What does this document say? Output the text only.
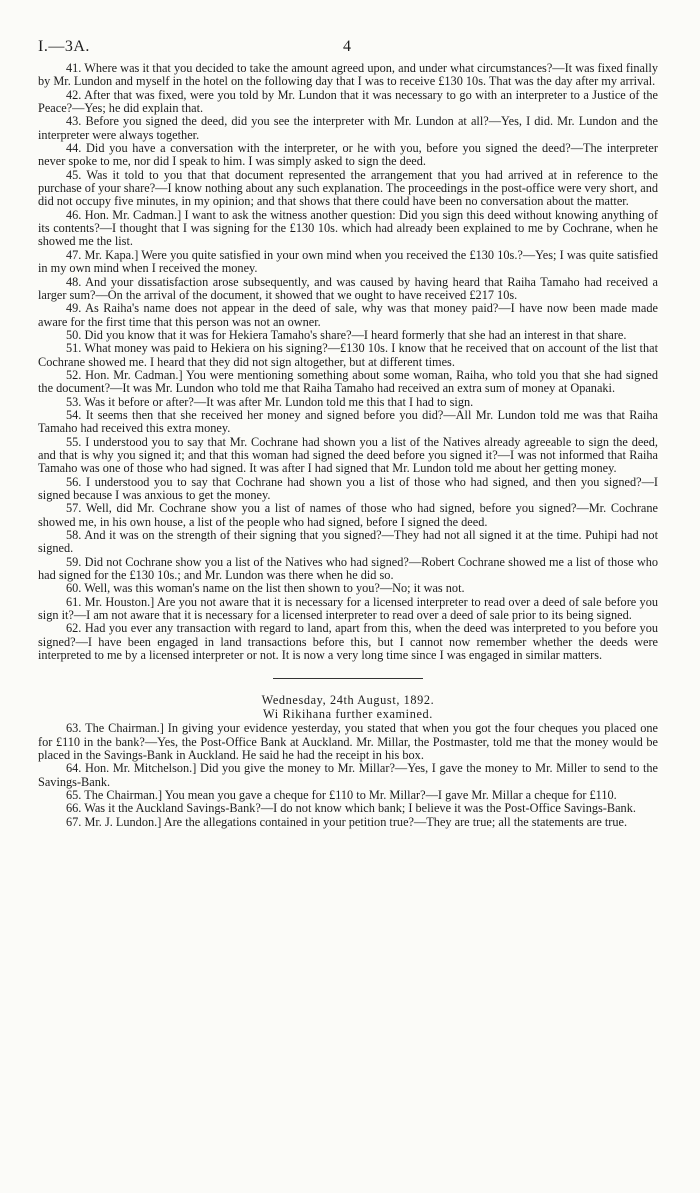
I.—3A.	4

41. Where was it that you decided to take the amount agreed upon, and under what circumstances?—It was fixed finally by Mr. Lundon and myself in the hotel on the following day that I was to receive £130 10s. That was the day after my arrival.

42. After that was fixed, were you told by Mr. Lundon that it was necessary to go with an interpreter to a Justice of the Peace?—Yes; he did explain that.

43. Before you signed the deed, did you see the interpreter with Mr. Lundon at all?—Yes, I did. Mr. Lundon and the interpreter were always together.

44. Did you have a conversation with the interpreter, or he with you, before you signed the deed?—The interpreter never spoke to me, nor did I speak to him. I was simply asked to sign the deed.

45. Was it told to you that that document represented the arrangement that you had arrived at in reference to the purchase of your share?—I know nothing about any such explanation. The proceedings in the post-office were very short, and did not occupy five minutes, in my opinion; and that shows that there could have been no conversation about the matter.

46. Hon. Mr. Cadman.] I want to ask the witness another question: Did you sign this deed without knowing anything of its contents?—I thought that I was signing for the £130 10s. which had already been explained to me by Cochrane, when he showed me the list.

47. Mr. Kapa.] Were you quite satisfied in your own mind when you received the £130 10s.?—Yes; I was quite satisfied in my own mind when I received the money.

48. And your dissatisfaction arose subsequently, and was caused by having heard that Raiha Tamaho had received a larger sum?—On the arrival of the document, it showed that we ought to have received £217 10s.

49. As Raiha's name does not appear in the deed of sale, why was that money paid?—I have now been made made aware for the first time that this person was not an owner.

50. Did you know that it was for Hekiera Tamaho's share?—I heard formerly that she had an interest in that share.

51. What money was paid to Hekiera on his signing?—£130 10s. I know that he received that on account of the list that Cochrane showed me. I heard that they did not sign altogether, but at different times.

52. Hon. Mr. Cadman.] You were mentioning something about some woman, Raiha, who told you that she had signed the document?—It was Mr. Lundon who told me that Raiha Tamaho had received an extra sum of money at Opanaki.

53. Was it before or after?—It was after Mr. Lundon told me this that I had to sign.

54. It seems then that she received her money and signed before you did?—All Mr. Lundon told me was that Raiha Tamaho had received this extra money.

55. I understood you to say that Mr. Cochrane had shown you a list of the Natives already agreeable to sign the deed, and that is why you signed it; and that this woman had signed the deed before you signed it?—I was not informed that Raiha Tamaho was one of those who had signed. It was after I had signed that Mr. Lundon told me about her getting money.

56. I understood you to say that Cochrane had shown you a list of those who had signed, and then you signed?—I signed because I was anxious to get the money.

57. Well, did Mr. Cochrane show you a list of names of those who had signed, before you signed?—Mr. Cochrane showed me, in his own house, a list of the people who had signed, before I signed the deed.

58. And it was on the strength of their signing that you signed?—They had not all signed it at the time. Puhipi had not signed.

59. Did not Cochrane show you a list of the Natives who had signed?—Robert Cochrane showed me a list of those who had signed for the £130 10s.; and Mr. Lundon was there when he did so.

60. Well, was this woman's name on the list then shown to you?—No; it was not.

61. Mr. Houston.] Are you not aware that it is necessary for a licensed interpreter to read over a deed of sale before you sign it?—I am not aware that it is necessary for a licensed interpreter to read over a deed of sale prior to its being signed.

62. Had you ever any transaction with regard to land, apart from this, when the deed was interpreted to you before you signed?—I have been engaged in land transactions before this, but I cannot now remember whether the deeds were interpreted to me by a licensed interpreter or not. It is now a very long time since I was engaged in similar matters.

Wednesday, 24th August, 1892.

Wi Rikihana further examined.

63. The Chairman.] In giving your evidence yesterday, you stated that when you got the four cheques you placed one for £110 in the bank?—Yes, the Post-Office Bank at Auckland. Mr. Millar, the Postmaster, told me that the money would be placed in the Savings-Bank in Auckland. He said he had the receipt in his box.

64. Hon. Mr. Mitchelson.] Did you give the money to Mr. Millar?—Yes, I gave the money to Mr. Miller to send to the Savings-Bank.

65. The Chairman.] You mean you gave a cheque for £110 to Mr. Millar?—I gave Mr. Millar a cheque for £110.

66. Was it the Auckland Savings-Bank?—I do not know which bank; I believe it was the Post-Office Savings-Bank.

67. Mr. J. Lundon.] Are the allegations contained in your petition true?—They are true; all the statements are true.
